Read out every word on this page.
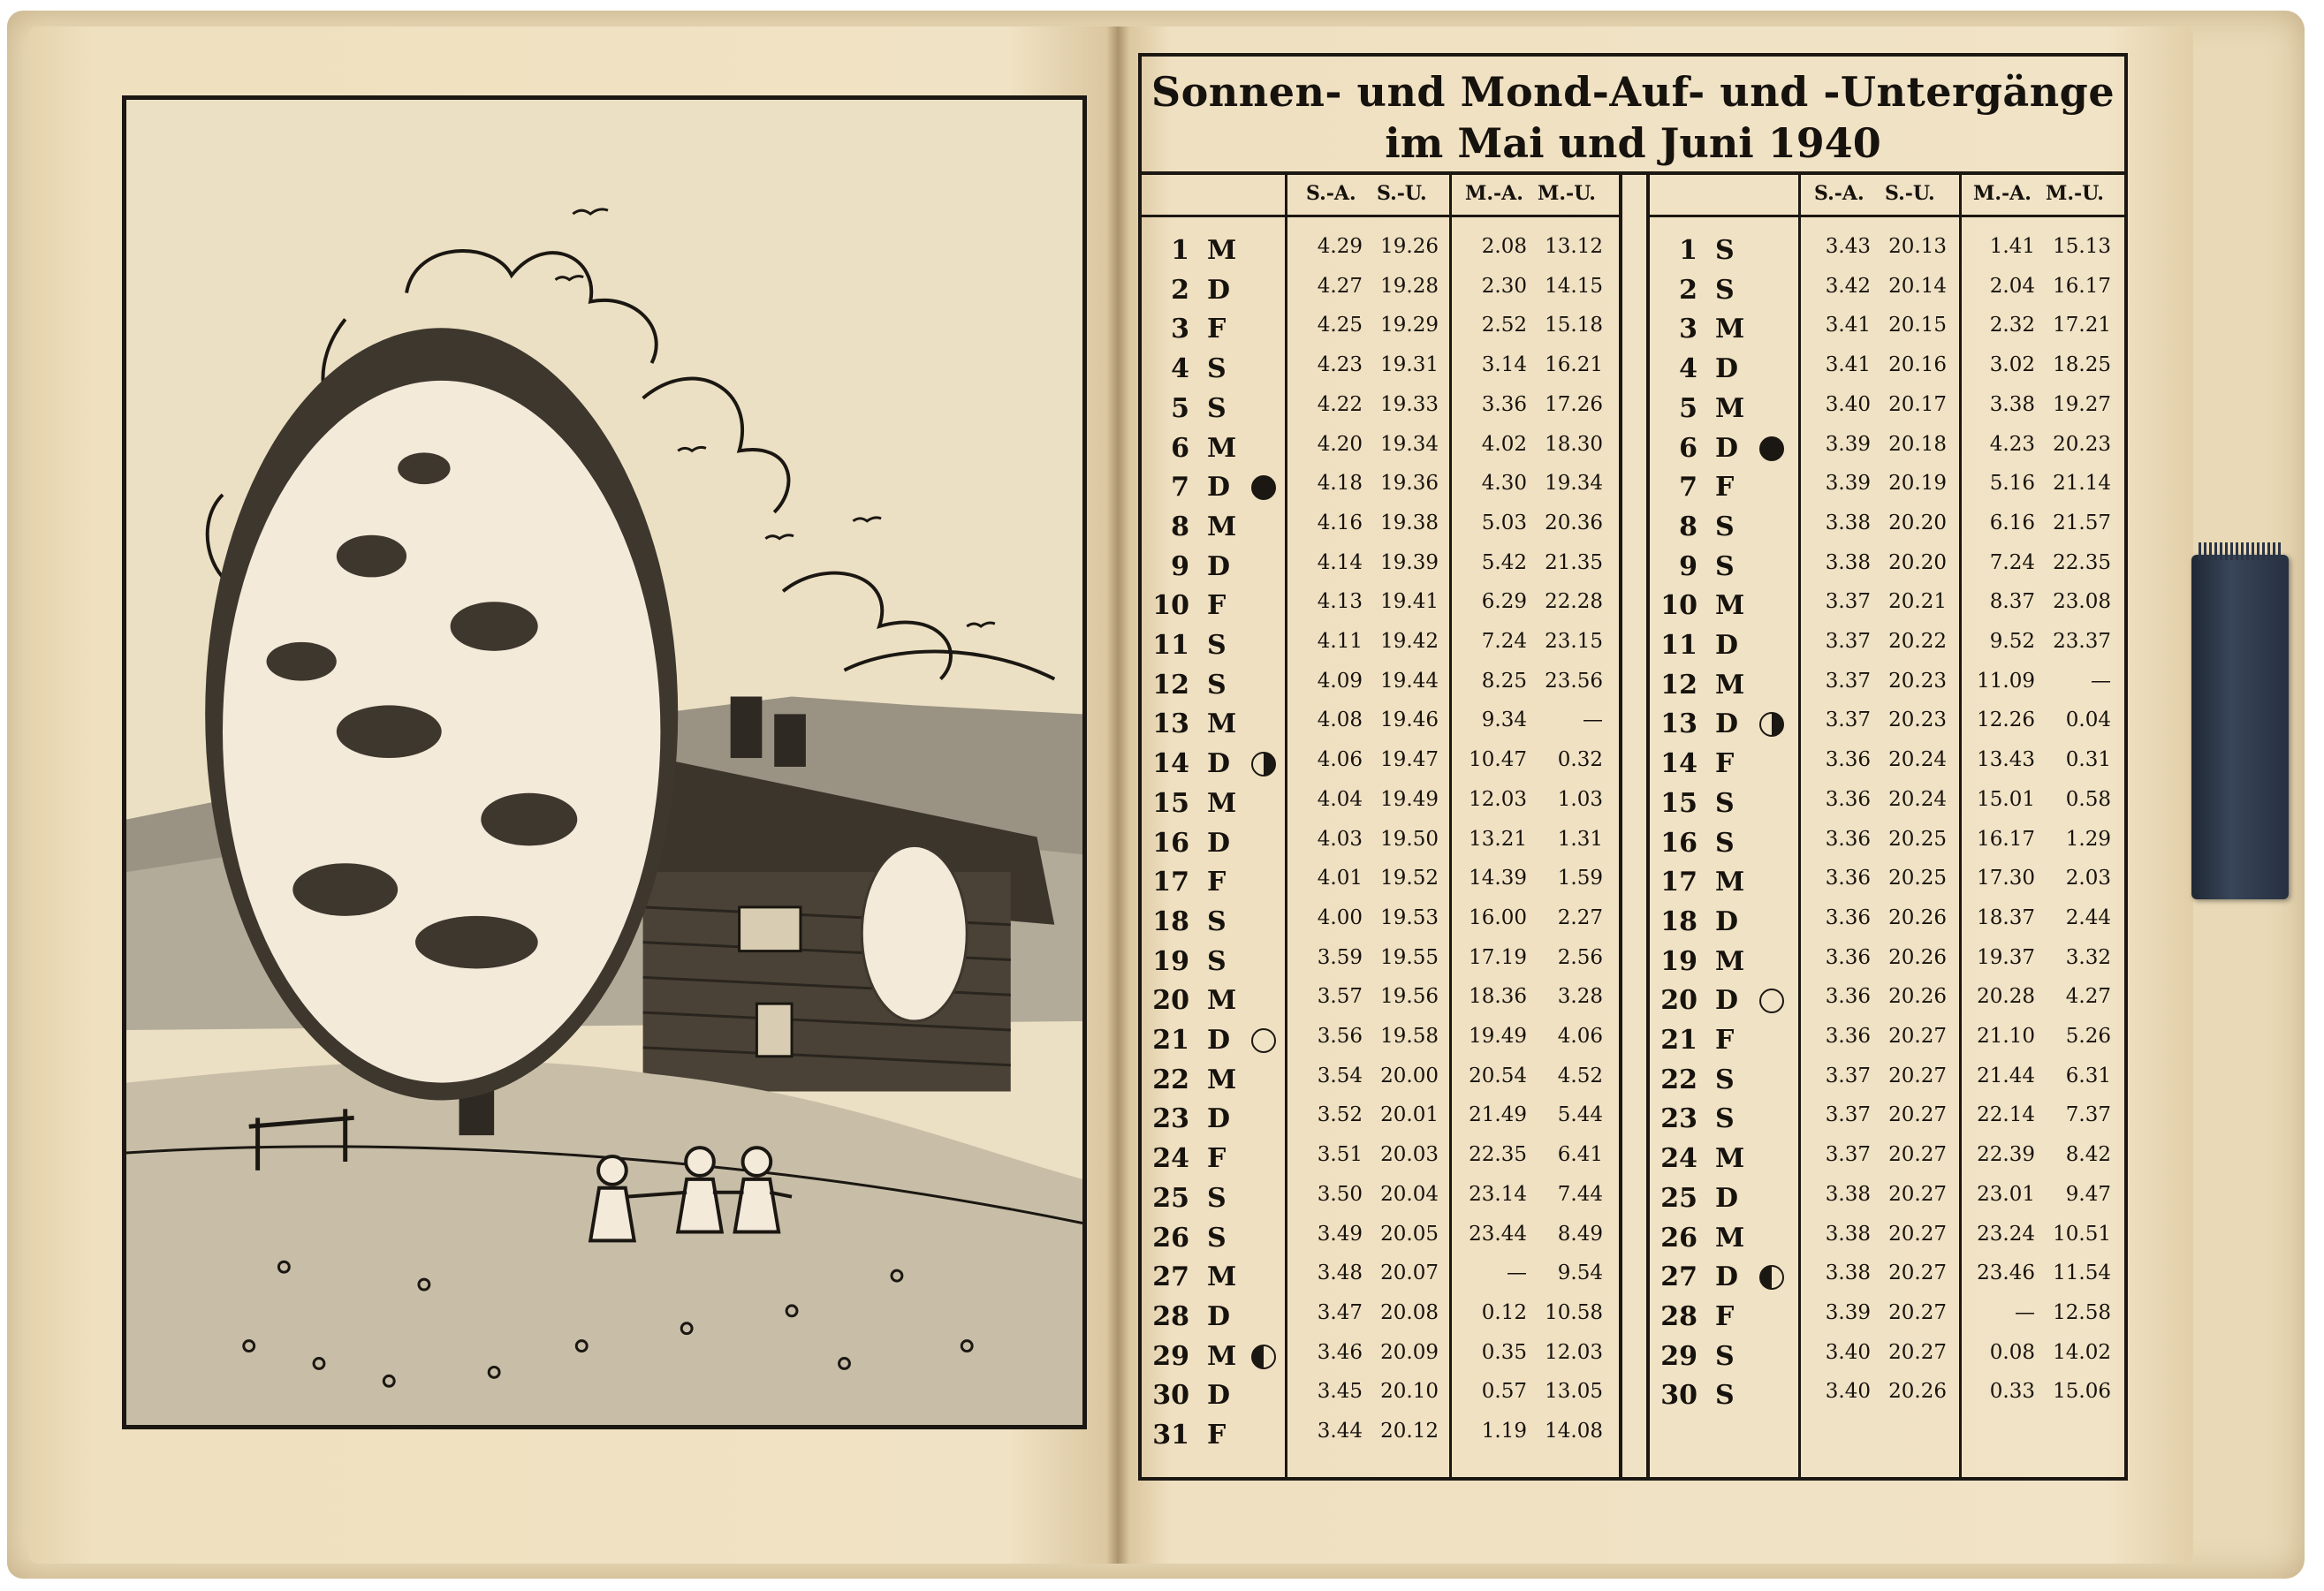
Sonnen- und Mond-Auf- und -Untergänge
im Mai und Juni 1940
S.-A. S.-U. M.-A. M.-U.
1 M	4.29 19.26	2.08 13.12
2 D	4.27 19.28	2.30 14.15
3 F	4.25 19.29	2.52 15.18
4 S	4.23 19.31	3.14 16.21
5 S	4.22 19.33	3.36 17.26
6 M	4.20 19.34	4.02 18.30
7 D	4.18 19.36	4.30 19.34
8 M	4.16 19.38	5.03 20.36
9 D	4.14 19.39	5.42 21.35
10 F	4.13 19.41	6.29 22.28
11 S	4.11 19.42	7.24 23.15
12 S	4.09 19.44	8.25 23.56
13 M	4.08 19.46	9.34	—
14 D	4.06 19.47	10.47	0.32
15 M	4.04 19.49	12.03	1.03
16 D	4.03 19.50	13.21	1.31
17 F	4.01 19.52	14.39	1.59
18 S	4.00 19.53	16.00	2.27
19 S	3.59 19.55	17.19	2.56
20 M	3.57 19.56	18.36	3.28
21 D	3.56 19.58	19.49	4.06
22 M	3.54 20.00	20.54	4.52
23 D	3.52 20.01	21.49	5.44
24 F	3.51 20.03	22.35	6.41
25 S	3.50 20.04	23.14	7.44
26 S	3.49 20.05	23.44	8.49
27 M	3.48 20.07	—	9.54
28 D	3.47 20.08	0.12 10.58
29 M	3.46 20.09	0.35 12.03
30 D	3.45 20.10	0.57 13.05
31 F	3.44 20.12	1.19 14.08
S.-A. S.-U. M.-A. M.-U.
1 S	3.43 20.13	1.41 15.13
2 S	3.42 20.14	2.04 16.17
3 M	3.41 20.15	2.32 17.21
4 D	3.41 20.16	3.02 18.25
5 M	3.40 20.17	3.38 19.27
6 D	3.39 20.18	4.23 20.23
7 F	3.39 20.19	5.16 21.14
8 S	3.38 20.20	6.16 21.57
9 S	3.38 20.20	7.24 22.35
10 M	3.37 20.21	8.37 23.08
11 D	3.37 20.22	9.52 23.37
12 M	3.37 20.23	11.09	—
13 D	3.37 20.23	12.26	0.04
14 F	3.36 20.24	13.43	0.31
15 S	3.36 20.24	15.01	0.58
16 S	3.36 20.25	16.17	1.29
17 M	3.36 20.25	17.30	2.03
18 D	3.36 20.26	18.37	2.44
19 M	3.36 20.26	19.37	3.32
20 D	3.36 20.26	20.28	4.27
21 F	3.36 20.27	21.10	5.26
22 S	3.37 20.27	21.44	6.31
23 S	3.37 20.27	22.14	7.37
24 M	3.37 20.27	22.39	8.42
25 D	3.38 20.27	23.01	9.47
26 M	3.38 20.27	23.24 10.51
27 D	3.38 20.27	23.46 11.54
28 F	3.39 20.27	— 12.58
29 S	3.40 20.27	0.08 14.02
30 S	3.40 20.26	0.33 15.06
